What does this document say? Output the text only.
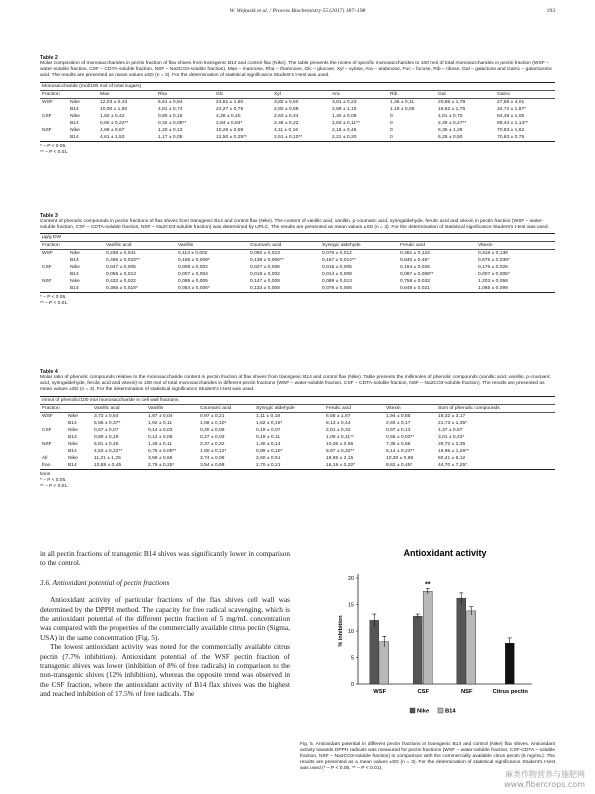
W. Wojtasik et al. / Process Biochemistry 55 (2017) 187–198	193

Table 2

Molar composition of monosaccharides in pectin fraction of flax shives from transgenic B14 and control flax (Nike). The table presents the moles of specific monosaccharides to 100 mol of total monosaccharides in pectin fraction (WSF – water-soluble fraction, CSF – CDTA-soluble fraction, NSF – Na2CO3-soluble fraction). Man – mannose, Rha – rhamnose, Glc – glucose, Xyl – xylose, Ara – arabinose, Fuc – fucose, Rib – ribose, Gal – galactose and GalAc – galacturonic acid. The results are presented as mean values ±SD (n = 3). For the determination of statistical significance Student's t-test was used.

Monosaccharide (mol/100 mol of total sugars)									
Fraction		Man	Rha	Glc	Xyl	Ara	Rib	Gal	GalAc
WSF	Nike	12,03 ± 0,43	5,51 ± 0,84	24,81 ± 1,80	3,82 ± 0,50	3,81 ± 0,23	1,46 ± 0,11	20,86 ± 1,78	27,58 ± 4,01
	B14	10,00 ± 1,60	4,81 ± 0,74	24,27 ± 0,75	2,80 ± 0,68	2,59 ± 1,15	1,19 ± 0,06	19,62 ± 1,75	34,72 ± 1,87*
CSF	Nike	1,82 ± 0,42	0,80 ± 0,15	4,28 ± 0,40	2,63 ± 0,44	1,40 ± 0,09	0	4,51 ± 0,70	84,48 ± 1,05
	B14	0,60 ± 0,22**	0,32 ± 0,08**	2,84 ± 0,84*	2,48 ± 0,22	1,83 ± 0,11**	0	2,49 ± 0,47**	89,44 ± 1,14**
NSF	Nike	4,68 ± 0,87	1,20 ± 0,13	10,26 ± 0,59	4,11 ± 0,16	2,18 ± 0,45	0	6,35 ± 1,28	70,83 ± 1,62
	B14	4,61 ± 1,53	1,17 ± 0,05	12,50 ± 0,25**	2,51 ± 0,10**	2,21 ± 0,20	0	6,25 ± 0,50	70,83 ± 0,75
* – P < 0.05.
** – P < 0.01.

Table 3

Content of phenolic compounds in pectin fractions of flax shives from transgenic B14 and control flax (Nike). The content of vanillic acid, vanillin, p-coumaric acid, syringaldehyde, ferulic acid and vitexin in pectin fraction (WSF – water-soluble fraction, CSF – CDTA-soluble fraction, NSF – Na2CO3-soluble fraction) was determined by UPLC. The results are presented as mean values ±SD (n = 3). For the determination of statistical significance Student's t-test was used.

μg/g DW							
Fraction		Vanillic acid	Vanillin	Coumaric acid	Syringic aldehyde	Ferulic acid	Vitexin
WSF	Nike	0,236 ± 0,041	0,113 ± 0,002	0,060 ± 0,013	0,076 ± 0,012	0,481 ± 0,122	0,316 ± 0,138
	B14	0,496 ± 0,033**	0,155 ± 0,009*	0,138 ± 0,006**	0,157 ± 0,014**	0,840 ± 0,45*	0,675 ± 0,039*
CSF	Nike	0,047 ± 0,005	0,009 ± 0,002	0,027 ± 0,006	0,015 ± 0,005	0,164 ± 0,026	0,175 ± 0,025
	B14	0,055 ± 0,013	0,007 ± 0,004	0,018 ± 0,002	0,014 ± 0,008	0,087 ± 0,008**	0,007 ± 0,005*
NSF	Nike	0,432 ± 0,022	0,085 ± 0,005	0,147 ± 0,009	0,089 ± 0,013	0,758 ± 0,033	1,203 ± 0,058
	B14	0,365 ± 0,018*	0,054 ± 0,006*	0,133 ± 0,008	0,078 ± 0,006	0,648 ± 0,021	1,065 ± 0,099
* – P < 0.05.
** – P < 0.01.

Table 4

Molar ratio of phenolic compounds relative to the monosaccharide content in pectin fraction of flax shives from transgenic B14 and control flax (Nike). Table presents the millimoles of phenolic compounds (vanillic acid, vanillin, p-coumaric acid, syringaldehyde, ferulic acid and vitexin) to 100 mol of total monosaccharides in different pectin fractions (WSF – water-soluble fraction, CSF – CDTA-soluble fraction, NSF – Na2CO3-soluble fraction). The results are presented as mean values ±SD (n = 3). For the determination of statistical significance Student's t-test was used.

mmol of phenolic/100 mol monosaccharide in cell wall fractions								
Fraction		Vanillic acid	Vanillin	Coumaric acid	Syringic aldehyde	Ferulic acid	Vitexin	Sum of phenolic compounds
WSF	Nike	3,73 ± 0,64	1,97 ± 0,04	0,97 ± 0,21	1,11 ± 0,18	6,58 ± 1,67	1,94 ± 0,85	16,32 ± 3,17
	B14	5,55 ± 0,37*	1,92 ± 0,11	1,58 ± 0,10*	1,62 ± 0,15*	8,13 ± 0,44	2,93 ± 0,17	21,73 ± 1,35*
CSF	Nike	0,67 ± 0,07	0,14 ± 0,03	0,40 ± 0,09	0,19 ± 0,07	2,01 ± 0,32	0,97 ± 0,13	4,37 ± 0,67
	B14	0,80 ± 0,19	0,12 ± 0,06	0,27 ± 0,03	0,19 ± 0,11	1,09 ± 0,11**	0,55 ± 0,03**	3,01 ± 0,43*
NSF	Nike	6,81 ± 0,45	1,48 ± 0,11	2,37 ± 0,32	1,30 ± 0,14	10,36 ± 0,55	7,39 ± 0,66	29,72 ± 2,35
	B14	4,53 ± 0,22**	0,75 ± 0,09**	1,80 ± 0,12*	0,89 ± 0,10*	6,97 ± 0,32**	5,14 ± 0,23**	19,96 ± 1,26**
All	Nike	11,21 ± 1,25	3,59 ± 0,55	3,74 ± 0,08	2,60 ± 0,51	18,95 ± 2,15	10,30 ± 0,86	50,41 ± 6,12
frac-	B14	10,88 ± 0,45	2,79 ± 0,25*	3,54 ± 0,68	2,70 ± 0,21	16,19 ± 0,32*	8,62 ± 0,45*	44,70 ± 7,25*
tions
* – P < 0.05.
** – P < 0.01.

in all pectin fractions of transgenic B14 shives was significantly lower in comparison to the control.

3.6. Antioxidant potential of pectin fractions

Antioxidant activity of particular fractions of the flax shives cell wall was determined by the DPPH method. The capacity for free radical scavenging, which is the antioxidant potential of the different pectin fraction of 5 mg/mL concentration was compared with the properties of the commercially available citrus pectin (Sigma, USA) in the same concentration (Fig. 5).

The lowest antioxidant activity was noted for the commercially available citrus pectin (7.7% inhibition). Antioxidant potential of the WSF pectin fraction of transgenic shives was lower (inhibition of 8% of free radicals) in comparison to the non-transgenic shives (12% inhibition), whereas the opposite trend was observed in the CSF fraction, where the antioxidant activity of B14 flax shives was the highest and reached inhibition of 17.5% of free radicals. The

Antioxidant activity
0
5
10
15
20
% inhibition
WSF
**
CSF	NSF	Citrus pectin
Nike	B14
Fig. 5. Antioxidant potential in different pectin fractions in transgenic B14 and control (Nike) flax shives. Antioxidant activity towards DPPH radicals was measured for pectin fractions (WSF – water-soluble fraction, CSF-CDTA – soluble fraction, NSF – Na2CO3-soluble fraction) in comparison with the commercially available citrus pectin (5 mg/mL). The results are presented as a mean values ±SD (n = 3). For the determination of statistical significance Student's t-test was used (* – P < 0.05, ** – P < 0.01).
麻类作物营养与施肥网
www.fibercrops.com
